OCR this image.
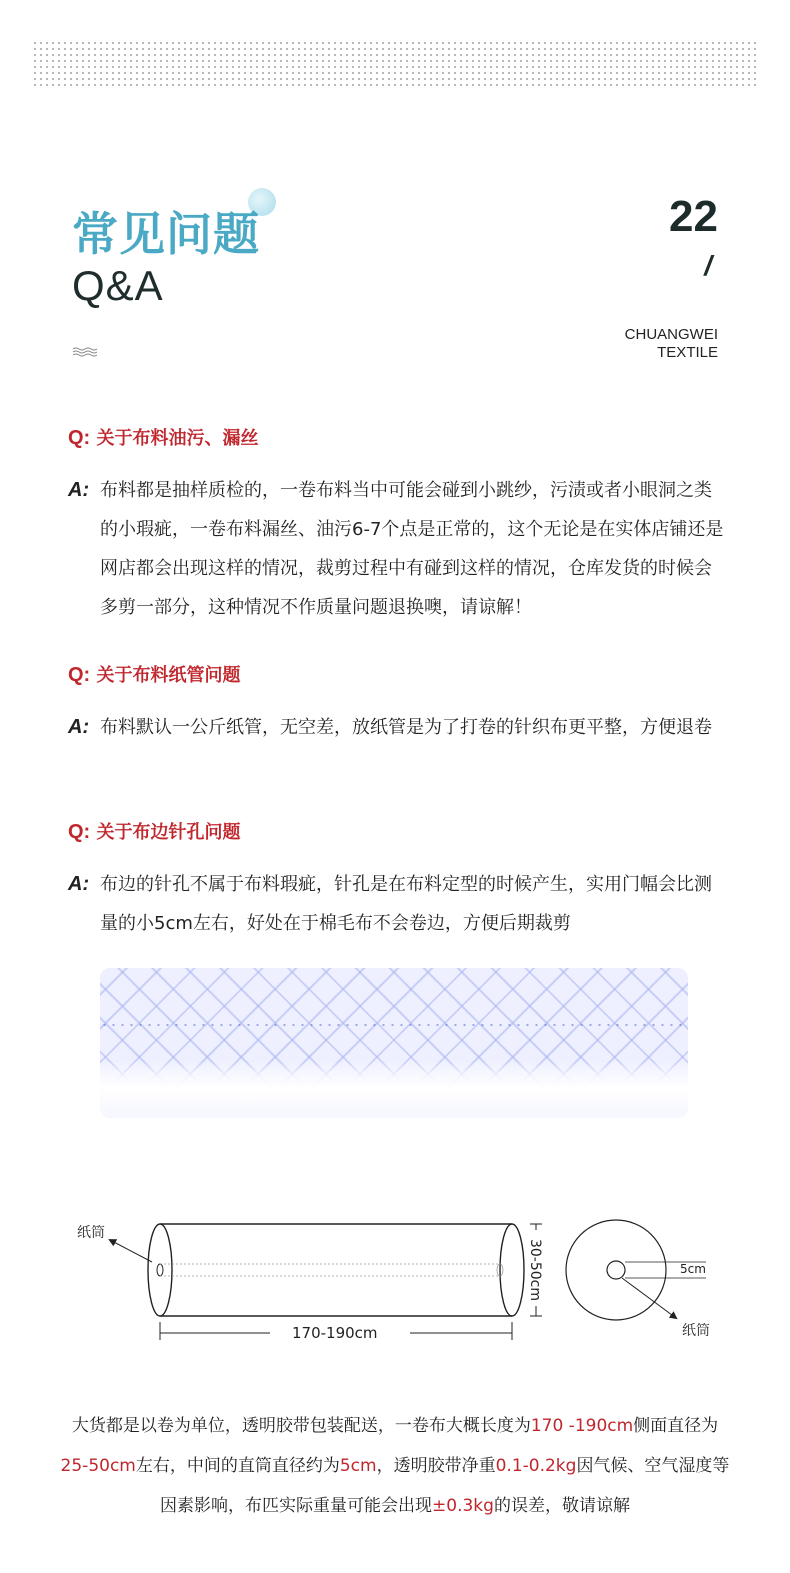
常见问题
Q&A
22
/
CHUANGWEI
TEXTILE
Q: 关于布料油污、漏丝
A: 布料都是抽样质检的，一卷布料当中可能会碰到小跳纱，污渍或者小眼洞之类的小瑕疵，一卷布料漏丝、油污6-7个点是正常的，这个无论是在实体店铺还是网店都会出现这样的情况，裁剪过程中有碰到这样的情况，仓库发货的时候会多剪一部分，这种情况不作质量问题退换噢，请谅解！
Q: 关于布料纸管问题
A: 布料默认一公斤纸管，无空差，放纸管是为了打卷的针织布更平整，方便退卷
Q: 关于布边针孔问题
A: 布边的针孔不属于布料瑕疵，针孔是在布料定型的时候产生，实用门幅会比测量的小5cm左右，好处在于棉毛布不会卷边，方便后期裁剪
纸筒
170-190cm
30-50cm	5cm
纸筒
大货都是以卷为单位，透明胶带包装配送，一卷布大概长度为170 -190cm侧面直径为25-50cm左右，中间的直筒直径约为5cm，透明胶带净重0.1-0.2kg因气候、空气湿度等因素影响，布匹实际重量可能会出现±0.3kg的误差，敬请谅解
